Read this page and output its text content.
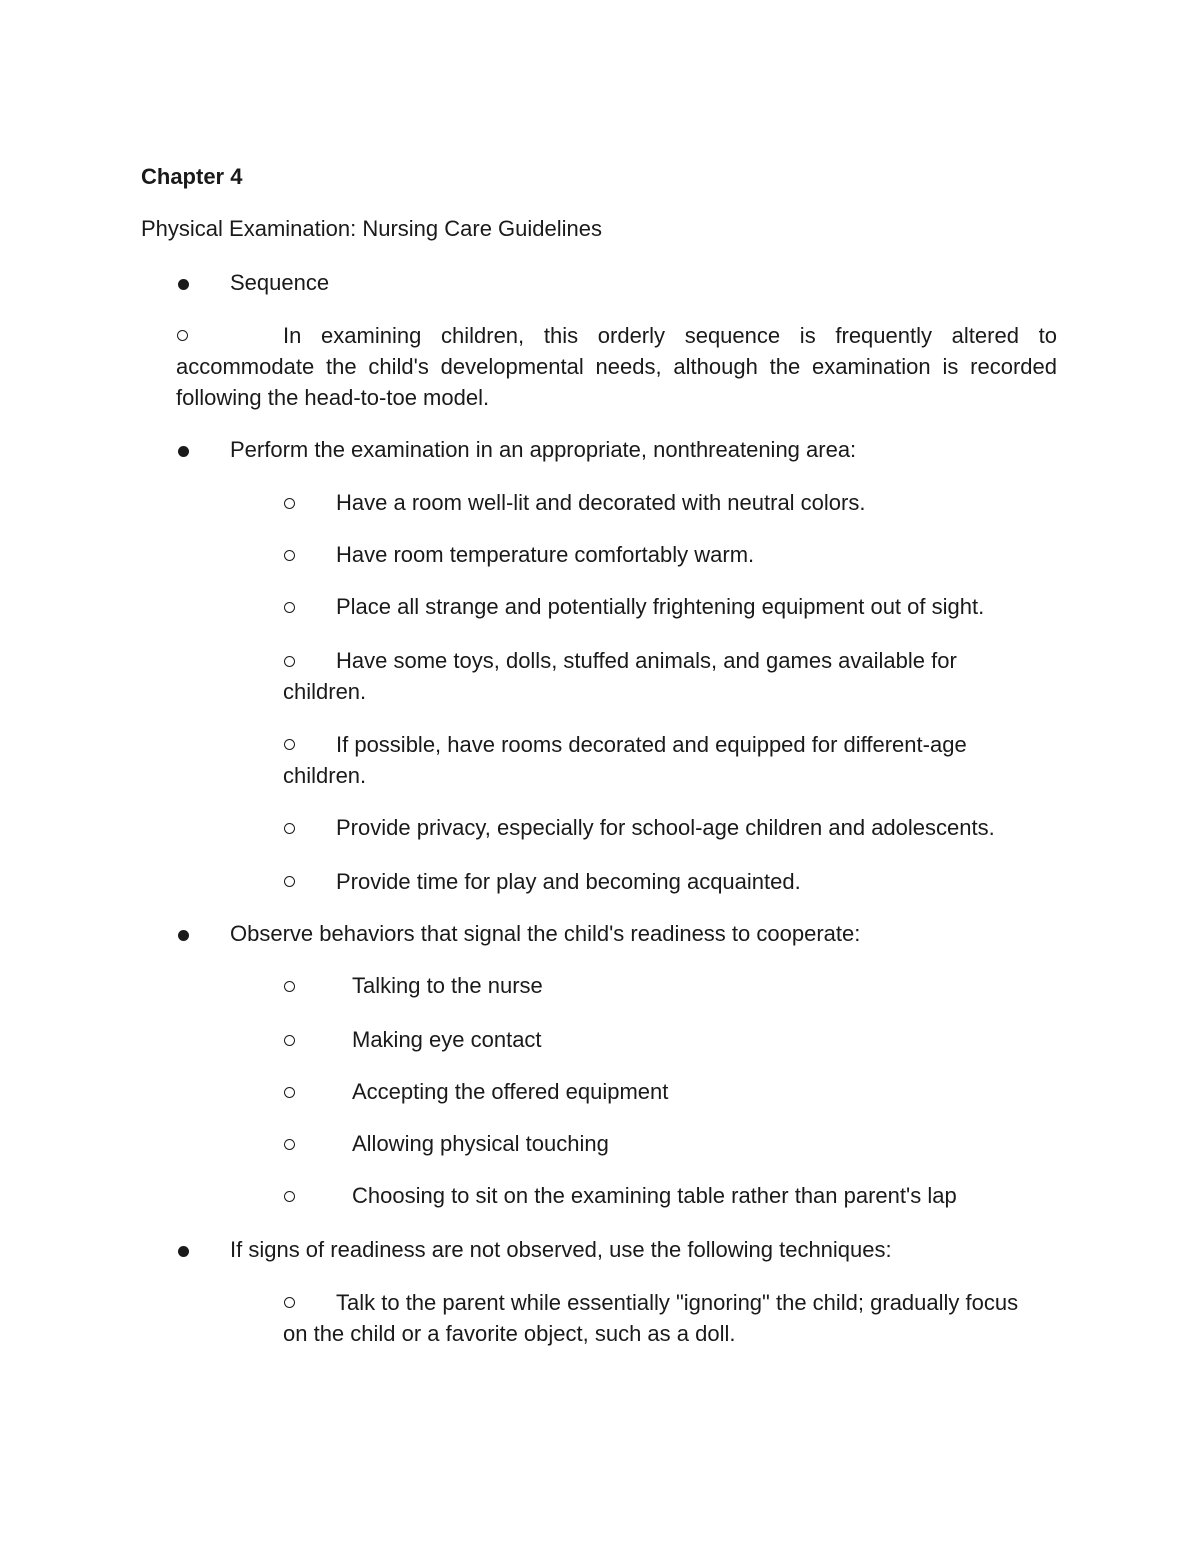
Chapter 4
Physical Examination: Nursing Care Guidelines
Sequence
In examining children, this orderly sequence is frequently altered to accommodate the child's developmental needs, although the examination is recorded following the head-to-toe model.
Perform the examination in an appropriate, nonthreatening area:
Have a room well-lit and decorated with neutral colors.
Have room temperature comfortably warm.
Place all strange and potentially frightening equipment out of sight.
Have some toys, dolls, stuffed animals, and games available for children.
If possible, have rooms decorated and equipped for different-age children.
Provide privacy, especially for school-age children and adolescents.
Provide time for play and becoming acquainted.
Observe behaviors that signal the child's readiness to cooperate:
Talking to the nurse
Making eye contact
Accepting the offered equipment
Allowing physical touching
Choosing to sit on the examining table rather than parent's lap
If signs of readiness are not observed, use the following techniques:
Talk to the parent while essentially "ignoring" the child; gradually focus on the child or a favorite object, such as a doll.
